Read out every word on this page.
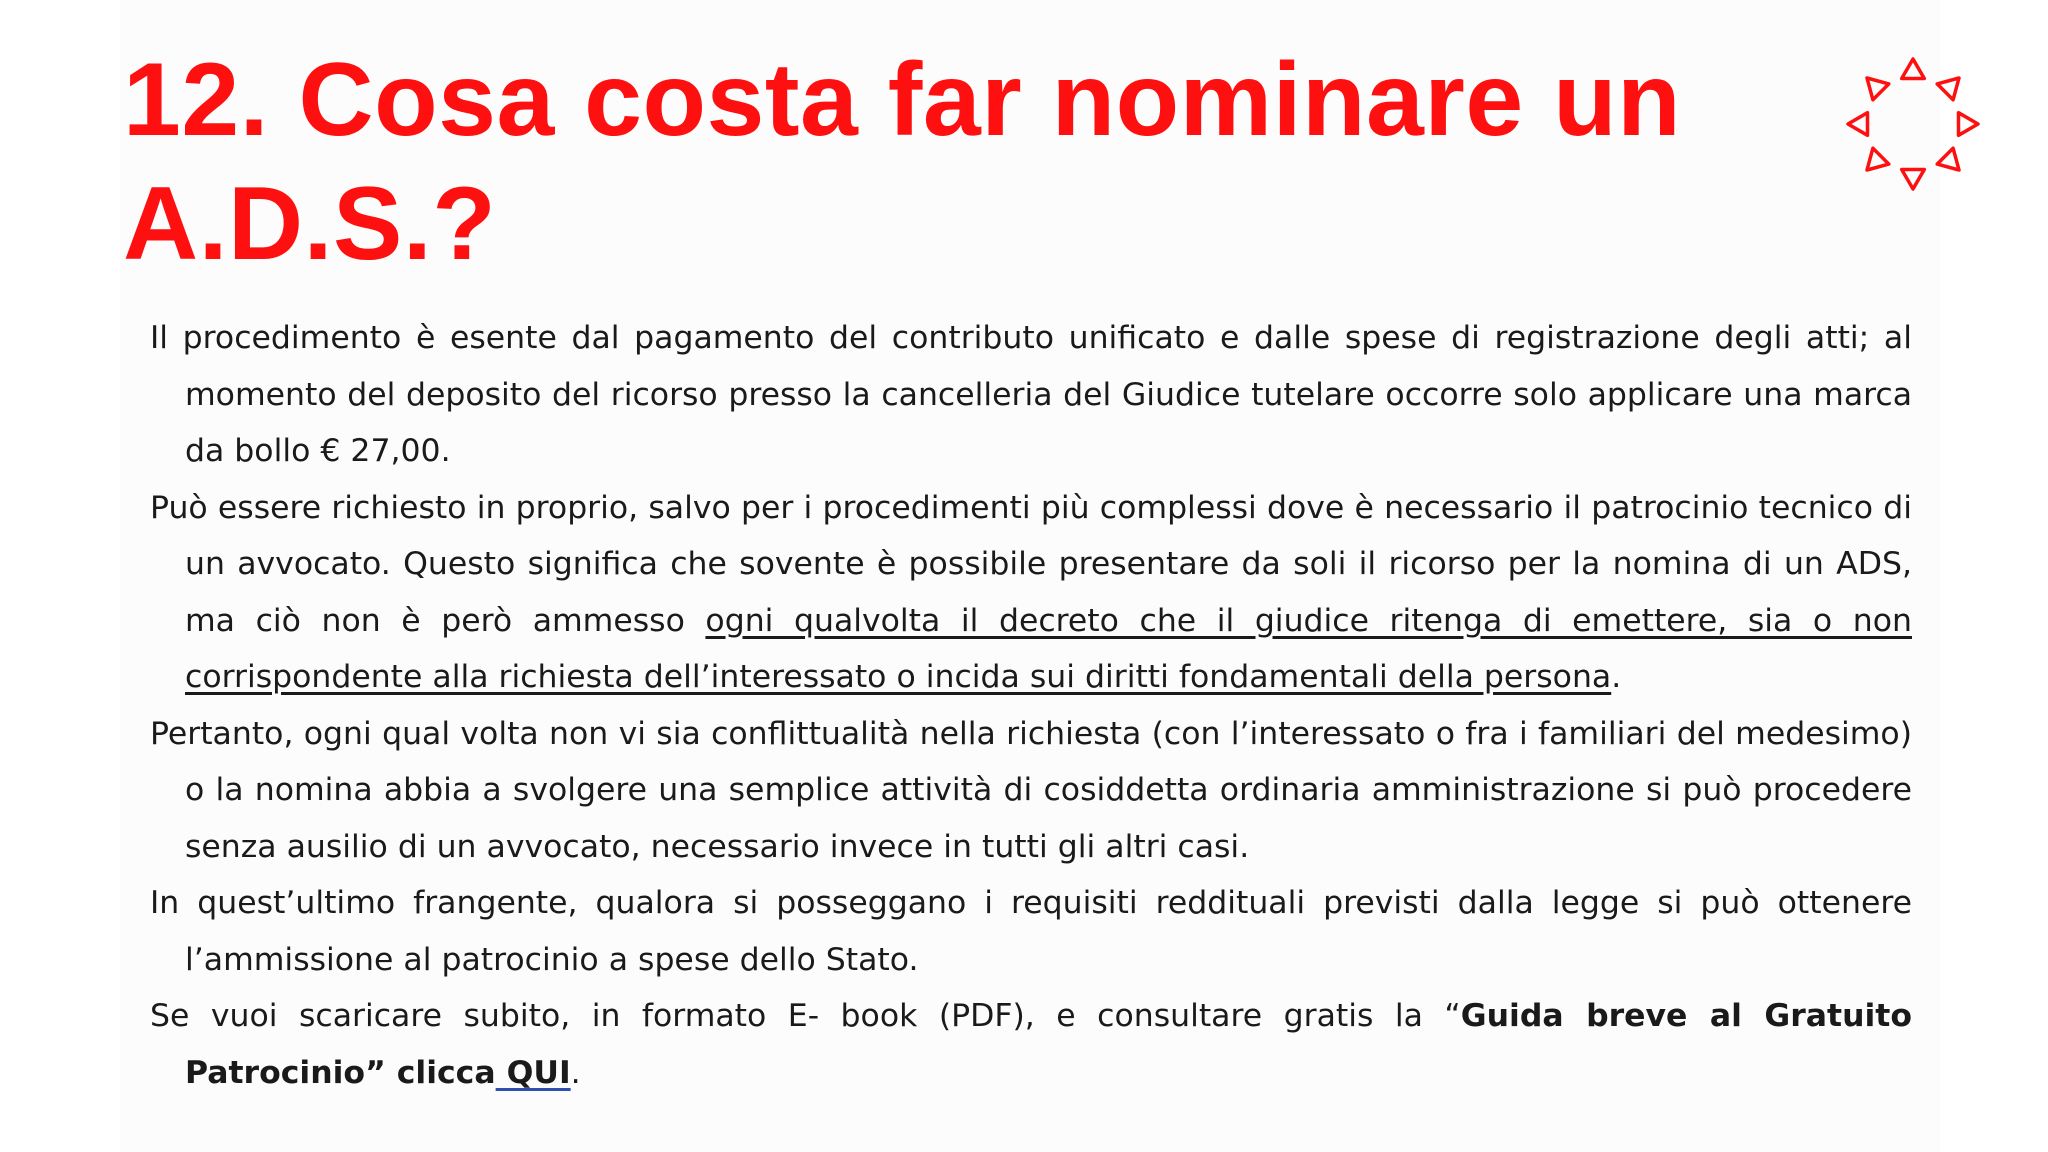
12. Cosa costa far nominare un A.D.S.?

Il procedimento è esente dal pagamento del contributo unificato e dalle spese di registrazione degli atti; al momento del deposito del ricorso presso la cancelleria del Giudice tutelare occorre solo applicare una marca da bollo € 27,00.

Può essere richiesto in proprio, salvo per i procedimenti più complessi dove è necessario il patrocinio tecnico di un avvocato. Questo significa che sovente è possibile presentare da soli il ricorso per la nomina di un ADS, ma ciò non è però ammesso ogni qualvolta il decreto che il giudice ritenga di emettere, sia o non corrispondente alla richiesta dell’interessato o incida sui diritti fondamentali della persona.

Pertanto, ogni qual volta non vi sia conflittualità nella richiesta (con l’interessato o fra i familiari del medesimo) o la nomina abbia a svolgere una semplice attività di cosiddetta ordinaria amministrazione si può procedere senza ausilio di un avvocato, necessario invece in tutti gli altri casi.

In quest’ultimo frangente, qualora si posseggano i requisiti reddituali previsti dalla legge si può ottenere l’ammissione al patrocinio a spese dello Stato.

Se vuoi scaricare subito, in formato E- book (PDF), e consultare gratis la “Guida breve al Gratuito Patrocinio” clicca QUI.
